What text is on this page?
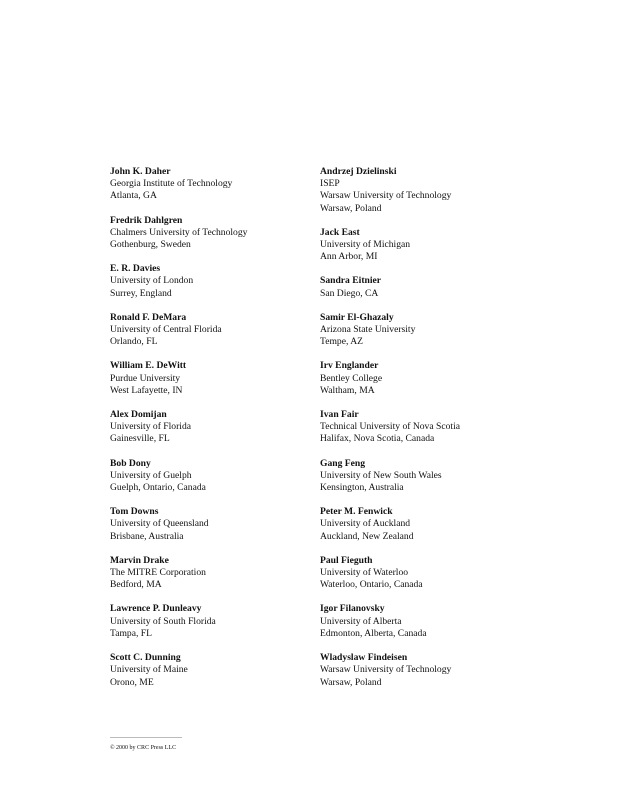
John K. Daher
Georgia Institute of Technology
Atlanta, GA
Fredrik Dahlgren
Chalmers University of Technology
Gothenburg, Sweden
E. R. Davies
University of London
Surrey, England
Ronald F. DeMara
University of Central Florida
Orlando, FL
William E. DeWitt
Purdue University
West Lafayette, IN
Alex Domijan
University of Florida
Gainesville, FL
Bob Dony
University of Guelph
Guelph, Ontario, Canada
Tom Downs
University of Queensland
Brisbane, Australia
Marvin Drake
The MITRE Corporation
Bedford, MA
Lawrence P. Dunleavy
University of South Florida
Tampa, FL
Scott C. Dunning
University of Maine
Orono, ME
Andrzej Dzielinski
ISEP
Warsaw University of Technology
Warsaw, Poland
Jack East
University of Michigan
Ann Arbor, MI
Sandra Eitnier
San Diego, CA
Samir El-Ghazaly
Arizona State University
Tempe, AZ
Irv Englander
Bentley College
Waltham, MA
Ivan Fair
Technical University of Nova Scotia
Halifax, Nova Scotia, Canada
Gang Feng
University of New South Wales
Kensington, Australia
Peter M. Fenwick
University of Auckland
Auckland, New Zealand
Paul Fieguth
University of Waterloo
Waterloo, Ontario, Canada
Igor Filanovsky
University of Alberta
Edmonton, Alberta, Canada
Wladyslaw Findeisen
Warsaw University of Technology
Warsaw, Poland
© 2000 by CRC Press LLC
